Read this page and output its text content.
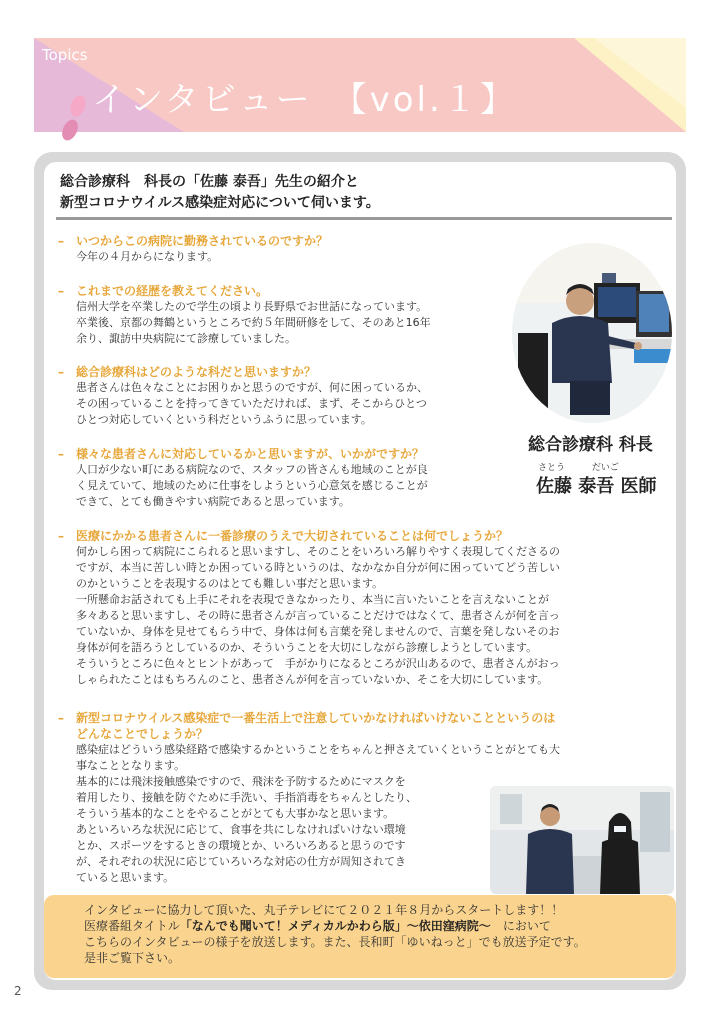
Topics
インタビュー　【vol.１】
総合診療科　科長の「佐藤 泰吾」先生の紹介と
新型コロナウイルス感染症対応について伺います。
–　いつからこの病院に勤務されているのですか？

今年の４月からになります。

–　これまでの経歴を教えてください。

信州大学を卒業したので学生の頃より長野県でお世話になっています。

卒業後、京都の舞鶴というところで約５年間研修をして、そのあと16年

余り、諏訪中央病院にて診療していました。

–　総合診療科はどのような科だと思いますか？

患者さんは色々なことにお困りかと思うのですが、何に困っているか、

その困っていることを持ってきていただければ、まず、そこからひとつ

ひとつ対応していくという科だというふうに思っています。

–　様々な患者さんに対応しているかと思いますが、いかがですか？

人口が少ない町にある病院なので、スタッフの皆さんも地域のことが良

く見えていて、地域のために仕事をしようという心意気を感じることが

できて、とても働きやすい病院であると思っています。

–　医療にかかる患者さんに一番診療のうえで大切されていることは何でしょうか？

何かしら困って病院にこられると思いますし、そのことをいろいろ解りやすく表現してくださるの

ですが、本当に苦しい時とか困っている時というのは、なかなか自分が何に困っていてどう苦しい

のかということを表現するのはとても難しい事だと思います。

一所懸命お話されても上手にそれを表現できなかったり、本当に言いたいことを言えないことが

多々あると思いますし、その時に患者さんが言っていることだけではなくて、患者さんが何を言っ

ていないか、身体を見せてもらう中で、身体は何も言葉を発しませんので、言葉を発しないそのお

身体が何を語ろうとしているのか、そういうことを大切にしながら診療しようとしています。

そういうところに色々とヒントがあって　手がかりになるところが沢山あるので、患者さんがおっ

しゃられたことはもちろんのこと、患者さんが何を言っていないか、そこを大切にしています。

–　新型コロナウイルス感染症で一番生活上で注意していかなければいけないことというのは
どんなことでしょうか？

感染症はどういう感染経路で感染するかということをちゃんと押さえていくということがとても大

事なこととなります。

基本的には飛沫接触感染ですので、飛沫を予防するためにマスクを

着用したり、接触を防ぐために手洗い、手指消毒をちゃんとしたり、

そういう基本的なことをやることがとても大事かなと思います。

あといろいろな状況に応じて、食事を共にしなければいけない環境

とか、スポーツをするときの環境とか、いろいろあると思うのです

が、それぞれの状況に応じていろいろな対応の仕方が周知されてき

ていると思います。

総合診療科 科長
さとう	だいご
佐藤 泰吾 医師
インタビューに協力して頂いた、丸子テレビにて２０２１年８月からスタートします！！
医療番組タイトル「なんでも聞いて！メディカルかわら版」～依田窪病院～　において
こちらのインタビューの様子を放送します。また、長和町「ゆいねっと」でも放送予定です。
是非ご覧下さい。
2
